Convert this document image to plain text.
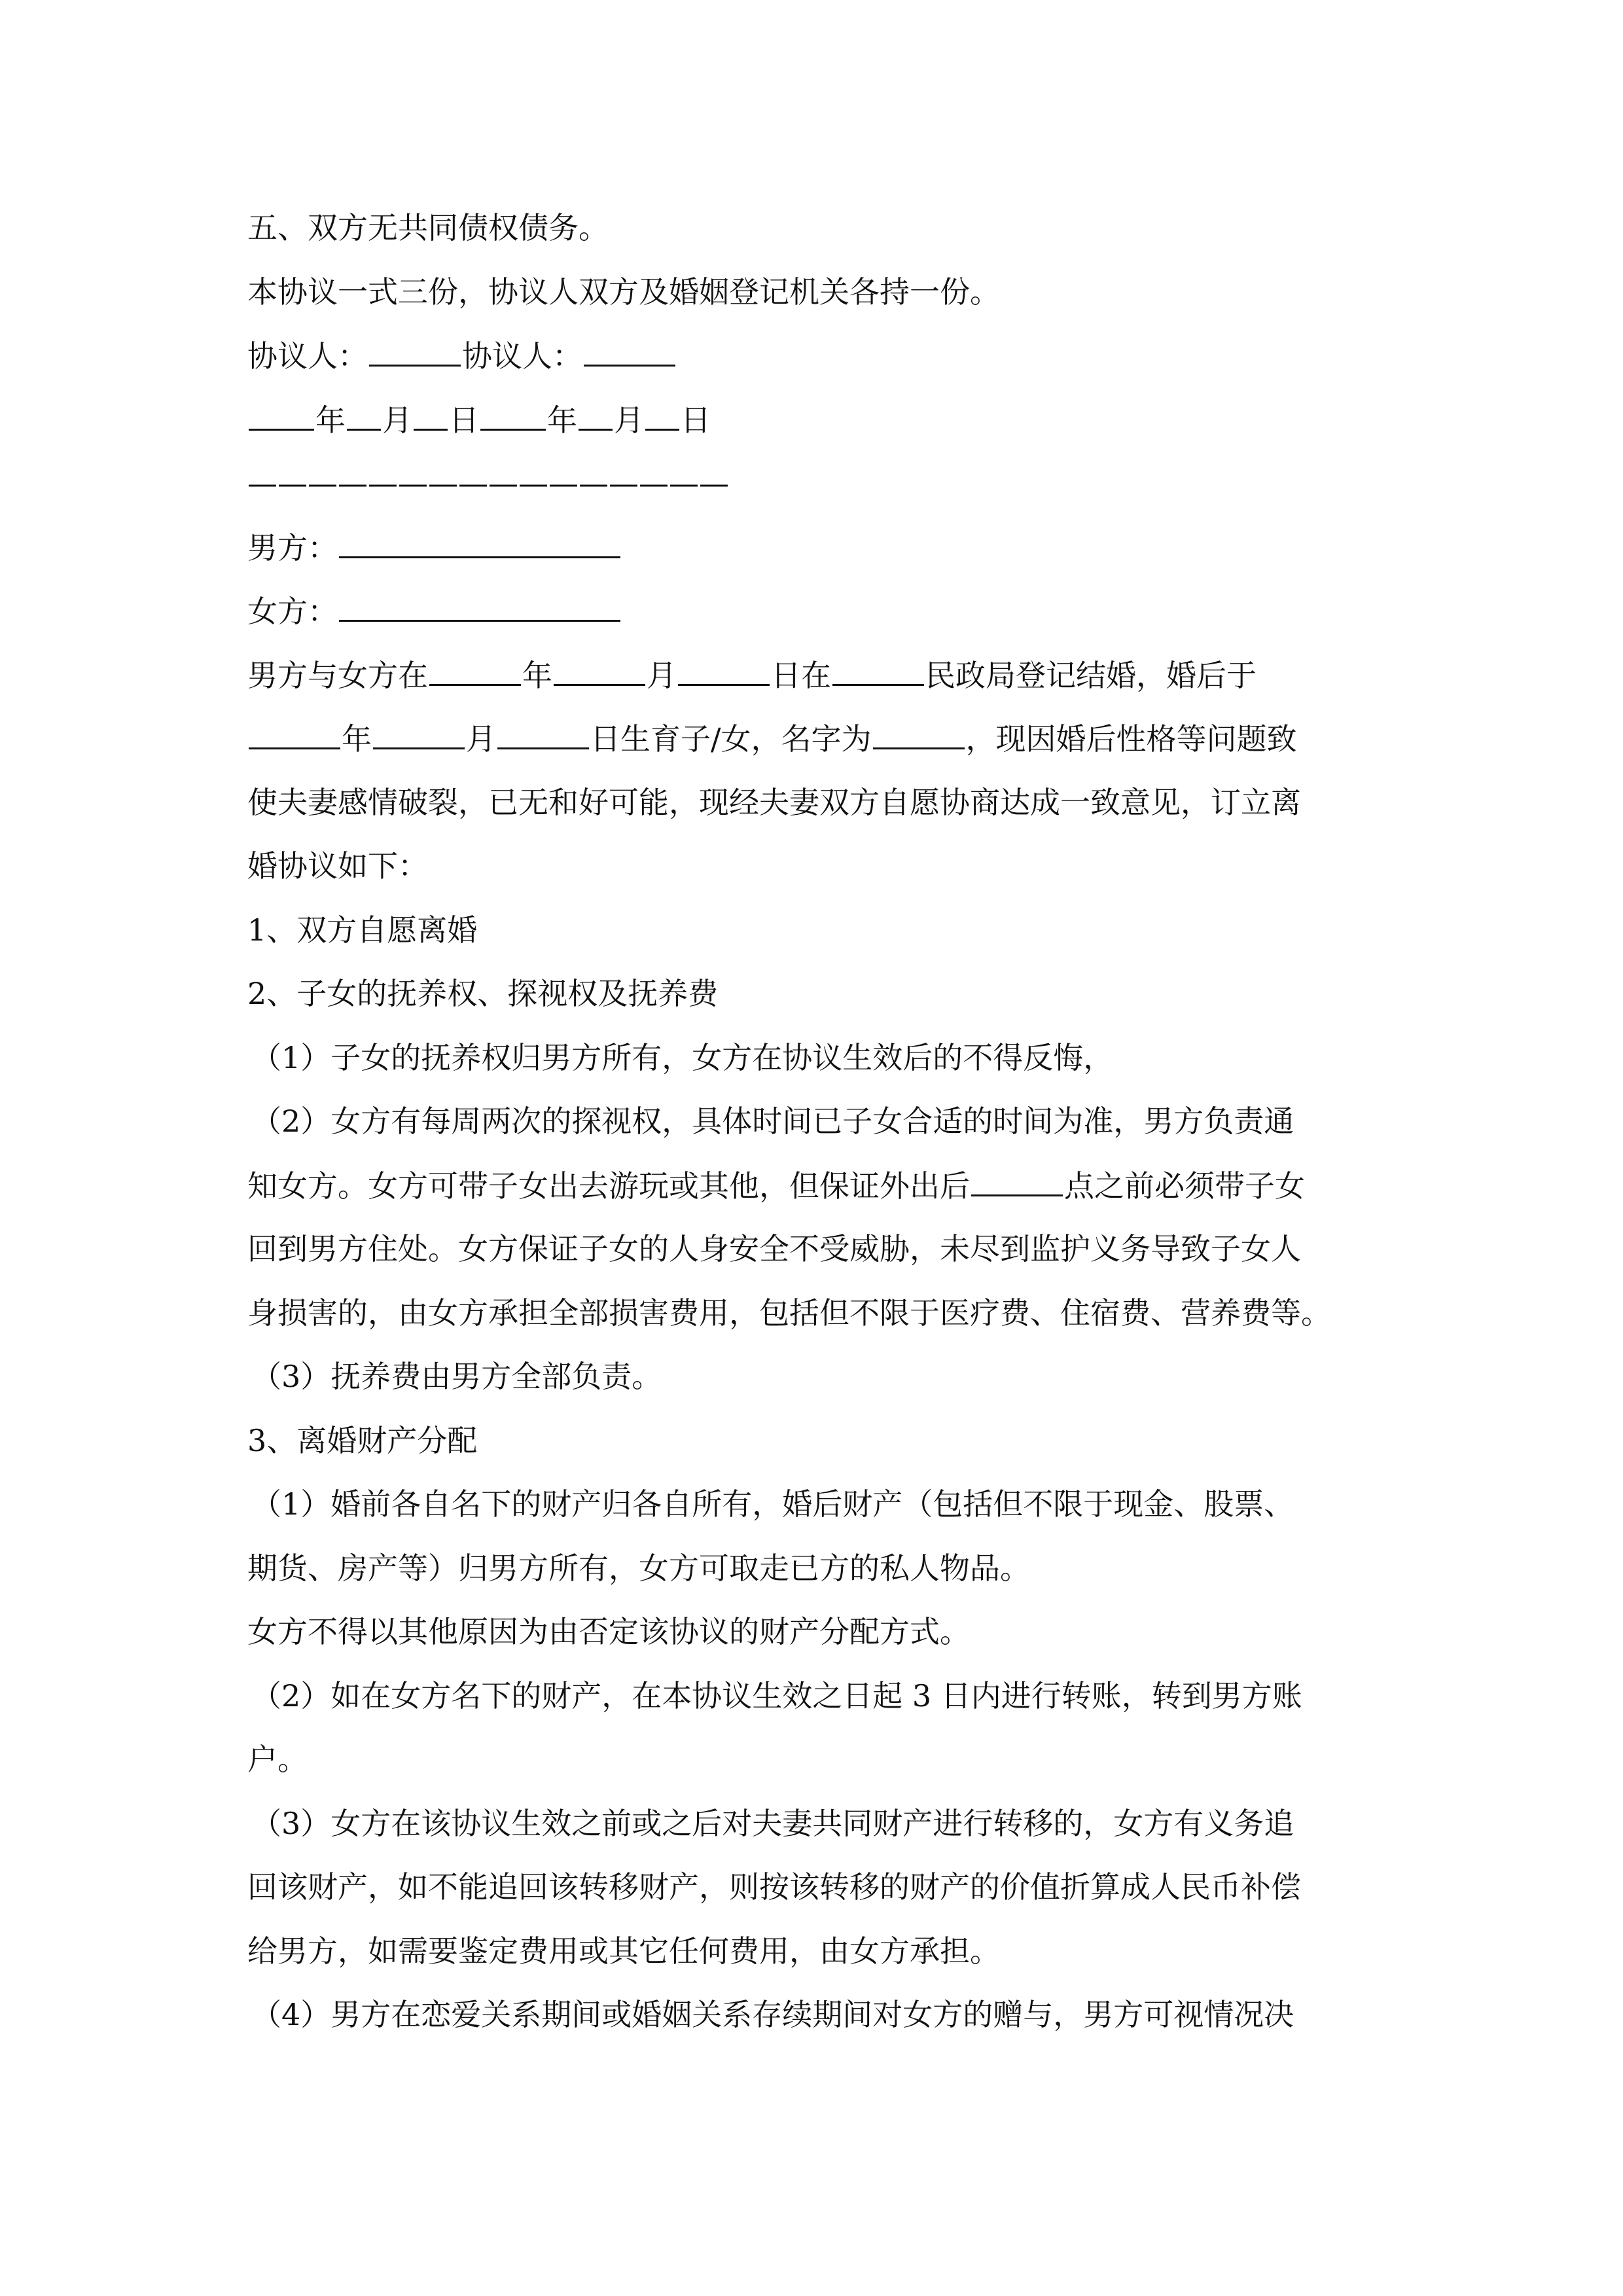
五、双方无共同债权债务。
本协议一式三份，协议人双方及婚姻登记机关各持一份。
协议人：	协议人：
年 月 日 年 月 日
————————————————
男方：
女方：
男方与女方在	年	月	日在	民政局登记结婚，婚后于
年	月	日生育子/女，名字为	，现因婚后性格等问题致
使夫妻感情破裂，已无和好可能，现经夫妻双方自愿协商达成一致意见，订立离
婚协议如下：
1、双方自愿离婚
2、子女的抚养权、探视权及抚养费
（1）子女的抚养权归男方所有，女方在协议生效后的不得反悔，
（2）女方有每周两次的探视权，具体时间已子女合适的时间为准，男方负责通
知女方。女方可带子女出去游玩或其他，但保证外出后	点之前必须带子女
回到男方住处。女方保证子女的人身安全不受威胁，未尽到监护义务导致子女人
身损害的，由女方承担全部损害费用，包括但不限于医疗费、住宿费、营养费等。
（3）抚养费由男方全部负责。
3、离婚财产分配
（1）婚前各自名下的财产归各自所有，婚后财产（包括但不限于现金、股票、
期货、房产等）归男方所有，女方可取走已方的私人物品。
女方不得以其他原因为由否定该协议的财产分配方式。
（2）如在女方名下的财产，在本协议生效之日起 3 日内进行转账，转到男方账
户。
（3）女方在该协议生效之前或之后对夫妻共同财产进行转移的，女方有义务追
回该财产，如不能追回该转移财产，则按该转移的财产的价值折算成人民币补偿
给男方，如需要鉴定费用或其它任何费用，由女方承担。
（4）男方在恋爱关系期间或婚姻关系存续期间对女方的赠与，男方可视情况决
